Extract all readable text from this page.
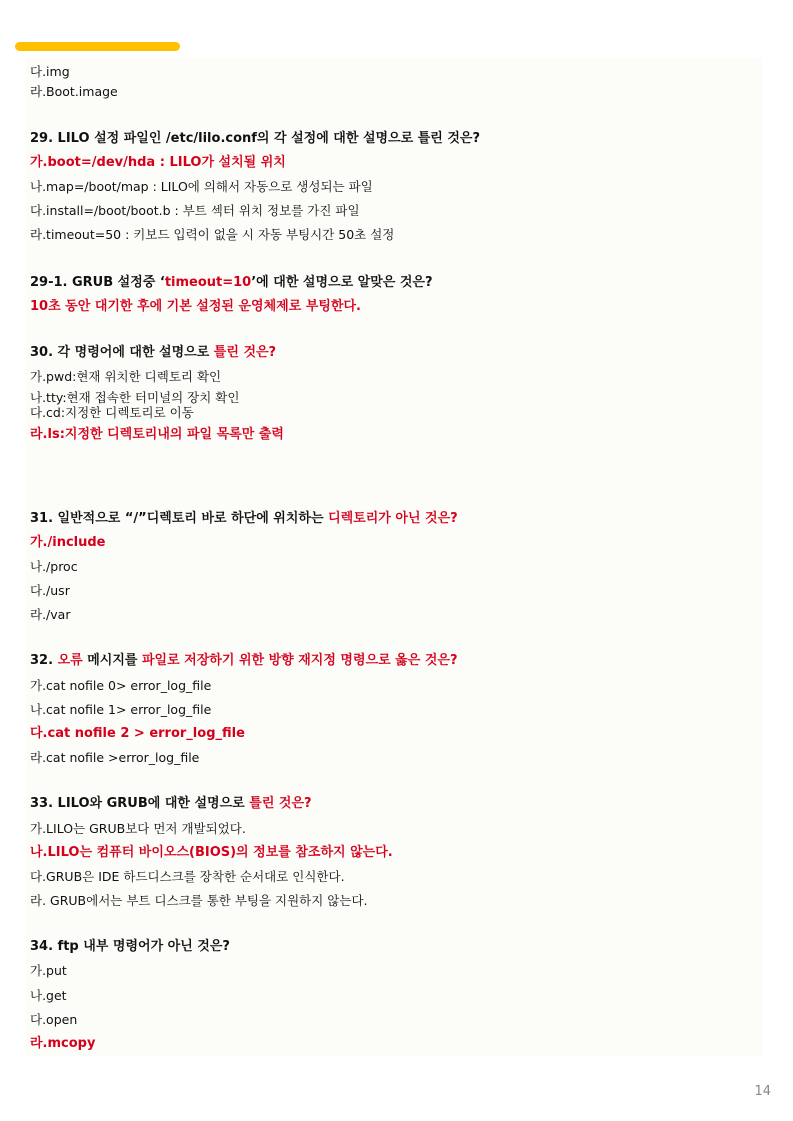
다.img
라.Boot.image
29. LILO 설정 파일인 /etc/lilo.conf의 각 설정에 대한 설명으로 틀린 것은?
가.boot=/dev/hda : LILO가 설치될 위치
나.map=/boot/map : LILO에 의해서 자동으로 생성되는 파일
다.install=/boot/boot.b : 부트 섹터 위치 정보를 가진 파일
라.timeout=50 : 키보드 입력이 없을 시 자동 부팅시간 50초 설정
29-1. GRUB 설정중 ‘timeout=10’에 대한 설명으로 알맞은 것은?
10초 동안 대기한 후에 기본 설정된 운영체제로 부팅한다.
30. 각 명령어에 대한 설명으로 틀린 것은?
가.pwd:현재 위치한 디렉토리 확인
나.tty:현재 접속한 터미널의 장치 확인
다.cd:지정한 디렉토리로 이동
라.ls:지정한 디렉토리내의 파일 목록만 출력
31. 일반적으로 “/”디렉토리 바로 하단에 위치하는 디렉토리가 아닌 것은?
가./include
나./proc
다./usr
라./var
32. 오류 메시지를 파일로 저장하기 위한 방향 재지정 명령으로 옳은 것은?
가.cat nofile 0> error_log_file
나.cat nofile 1> error_log_file
다.cat nofile 2 > error_log_file
라.cat nofile >error_log_file
33. LILO와 GRUB에 대한 설명으로 틀린 것은?
가.LILO는 GRUB보다 먼저 개발되었다.
나.LILO는 컴퓨터 바이오스(BIOS)의 정보를 참조하지 않는다.
다.GRUB은 IDE 하드디스크를 장착한 순서대로 인식한다.
라. GRUB에서는 부트 디스크를 통한 부팅을 지원하지 않는다.
34. ftp 내부 명령어가 아닌 것은?
가.put
나.get
다.open
라.mcopy
14
